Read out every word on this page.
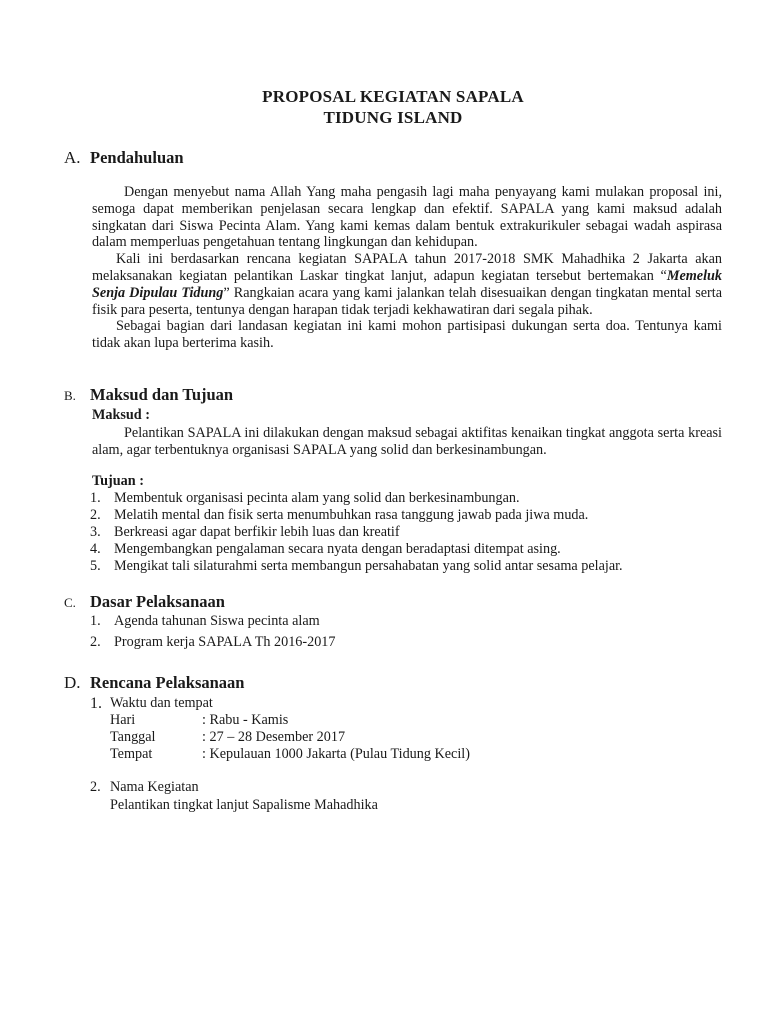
PROPOSAL KEGIATAN SAPALA
TIDUNG ISLAND
A. Pendahuluan

Dengan menyebut nama Allah Yang maha pengasih lagi maha penyayang kami mulakan proposal ini, semoga dapat memberikan penjelasan secara lengkap dan efektif. SAPALA yang kami maksud adalah singkatan dari Siswa Pecinta Alam. Yang kami kemas dalam bentuk extrakurikuler sebagai wadah aspirasa dalam memperluas pengetahuan tentang lingkungan dan kehidupan.

Kali ini berdasarkan rencana kegiatan SAPALA tahun 2017-2018 SMK Mahadhika 2 Jakarta akan melaksanakan kegiatan pelantikan Laskar tingkat lanjut, adapun kegiatan tersebut bertemakan “Memeluk Senja Dipulau Tidung” Rangkaian acara yang kami jalankan telah disesuaikan dengan tingkatan mental serta fisik para peserta, tentunya dengan harapan tidak terjadi kekhawatiran dari segala pihak.

Sebagai bagian dari landasan kegiatan ini kami mohon partisipasi dukungan serta doa. Tentunya kami tidak akan lupa berterima kasih.

B. Maksud dan Tujuan
Maksud :

Pelantikan SAPALA ini dilakukan dengan maksud sebagai aktifitas kenaikan tingkat anggota serta kreasi alam, agar terbentuknya organisasi SAPALA yang solid dan berkesinambungan.

Tujuan :
1. Membentuk organisasi pecinta alam yang solid dan berkesinambungan.
2. Melatih mental dan fisik serta menumbuhkan rasa tanggung jawab pada jiwa muda.
3. Berkreasi agar dapat berfikir lebih luas dan kreatif
4. Mengembangkan pengalaman secara nyata dengan beradaptasi ditempat asing.
5. Mengikat tali silaturahmi serta membangun persahabatan yang solid antar sesama pelajar.
C. Dasar Pelaksanaan
1. Agenda tahunan Siswa pecinta alam
2. Program kerja SAPALA Th 2016-2017
D. Rencana Pelaksanaan
1. Waktu dan tempat
Hari	: Rabu - Kamis
Tanggal	: 27 – 28 Desember 2017
Tempat	: Kepulauan 1000 Jakarta (Pulau Tidung Kecil)
2. Nama Kegiatan
Pelantikan tingkat lanjut Sapalisme Mahadhika
